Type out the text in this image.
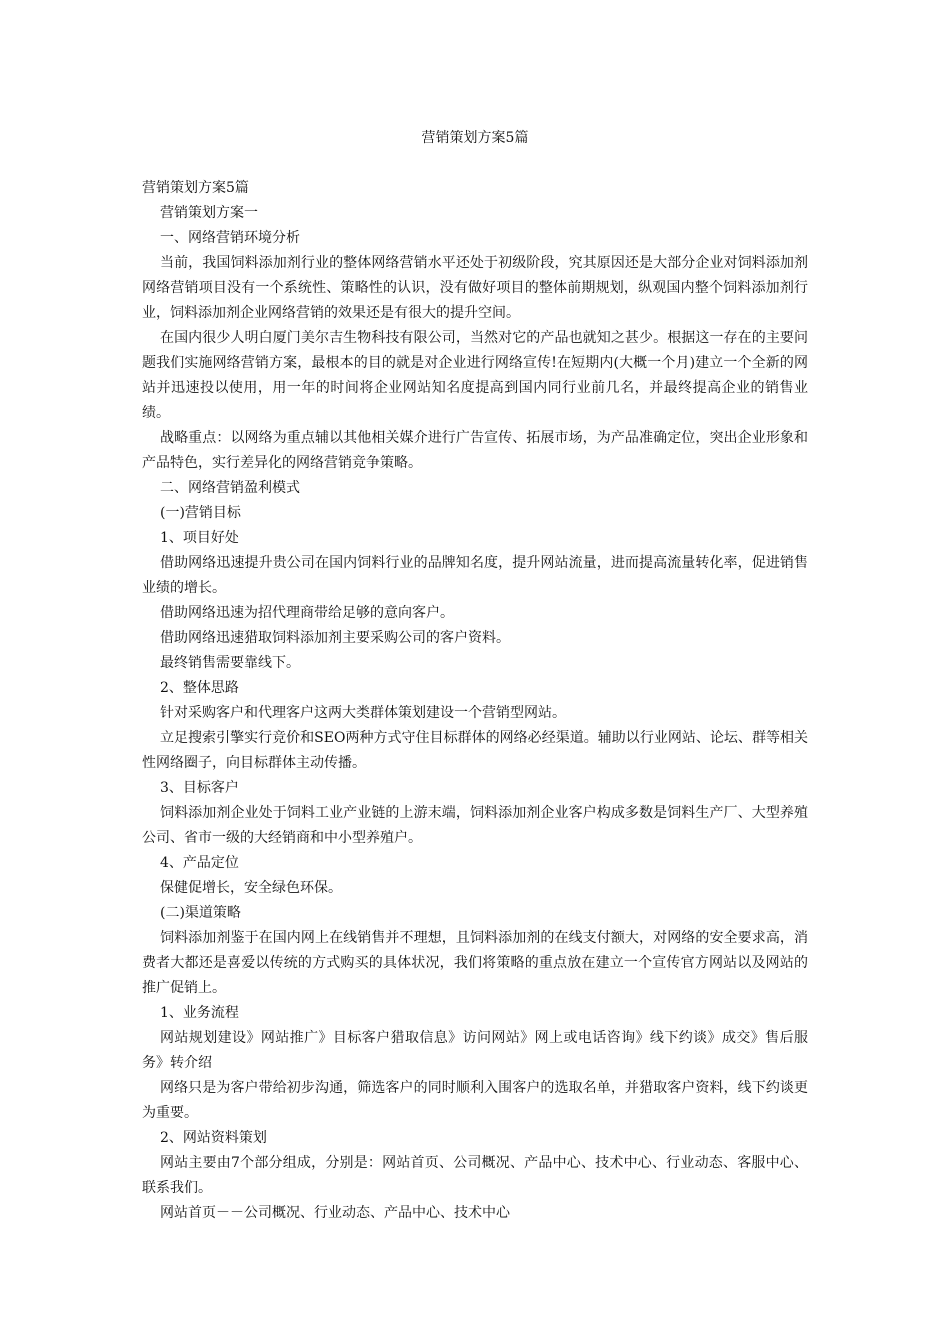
营销策划方案5篇

营销策划方案5篇

营销策划方案一

一、网络营销环境分析

当前，我国饲料添加剂行业的整体网络营销水平还处于初级阶段，究其原因还是大部分企业对饲料添加剂网络营销项目没有一个系统性、策略性的认识，没有做好项目的整体前期规划，纵观国内整个饲料添加剂行业，饲料添加剂企业网络营销的效果还是有很大的提升空间。

在国内很少人明白厦门美尔吉生物科技有限公司，当然对它的产品也就知之甚少。根据这一存在的主要问题我们实施网络营销方案，最根本的目的就是对企业进行网络宣传!在短期内(大概一个月)建立一个全新的网站并迅速投以使用，用一年的时间将企业网站知名度提高到国内同行业前几名，并最终提高企业的销售业绩。

战略重点：以网络为重点辅以其他相关媒介进行广告宣传、拓展市场，为产品准确定位，突出企业形象和产品特色，实行差异化的网络营销竞争策略。

二、网络营销盈利模式

(一)营销目标

1、项目好处

借助网络迅速提升贵公司在国内饲料行业的品牌知名度，提升网站流量，进而提高流量转化率，促进销售业绩的增长。

借助网络迅速为招代理商带给足够的意向客户。

借助网络迅速猎取饲料添加剂主要采购公司的客户资料。

最终销售需要靠线下。

2、整体思路

针对采购客户和代理客户这两大类群体策划建设一个营销型网站。

立足搜索引擎实行竞价和SEO两种方式守住目标群体的网络必经渠道。辅助以行业网站、论坛、群等相关性网络圈子，向目标群体主动传播。

3、目标客户

饲料添加剂企业处于饲料工业产业链的上游末端，饲料添加剂企业客户构成多数是饲料生产厂、大型养殖公司、省市一级的大经销商和中小型养殖户。

4、产品定位

保健促增长，安全绿色环保。

(二)渠道策略

饲料添加剂鉴于在国内网上在线销售并不理想，且饲料添加剂的在线支付额大，对网络的安全要求高，消费者大都还是喜爱以传统的方式购买的具体状况，我们将策略的重点放在建立一个宣传官方网站以及网站的推广促销上。

1、业务流程

网站规划建设》网站推广》目标客户猎取信息》访问网站》网上或电话咨询》线下约谈》成交》售后服务》转介绍

网络只是为客户带给初步沟通，筛选客户的同时顺利入围客户的选取名单，并猎取客户资料，线下约谈更为重要。

2、网站资料策划

网站主要由7个部分组成，分别是：网站首页、公司概况、产品中心、技术中心、行业动态、客服中心、联系我们。

网站首页－－公司概况、行业动态、产品中心、技术中心
